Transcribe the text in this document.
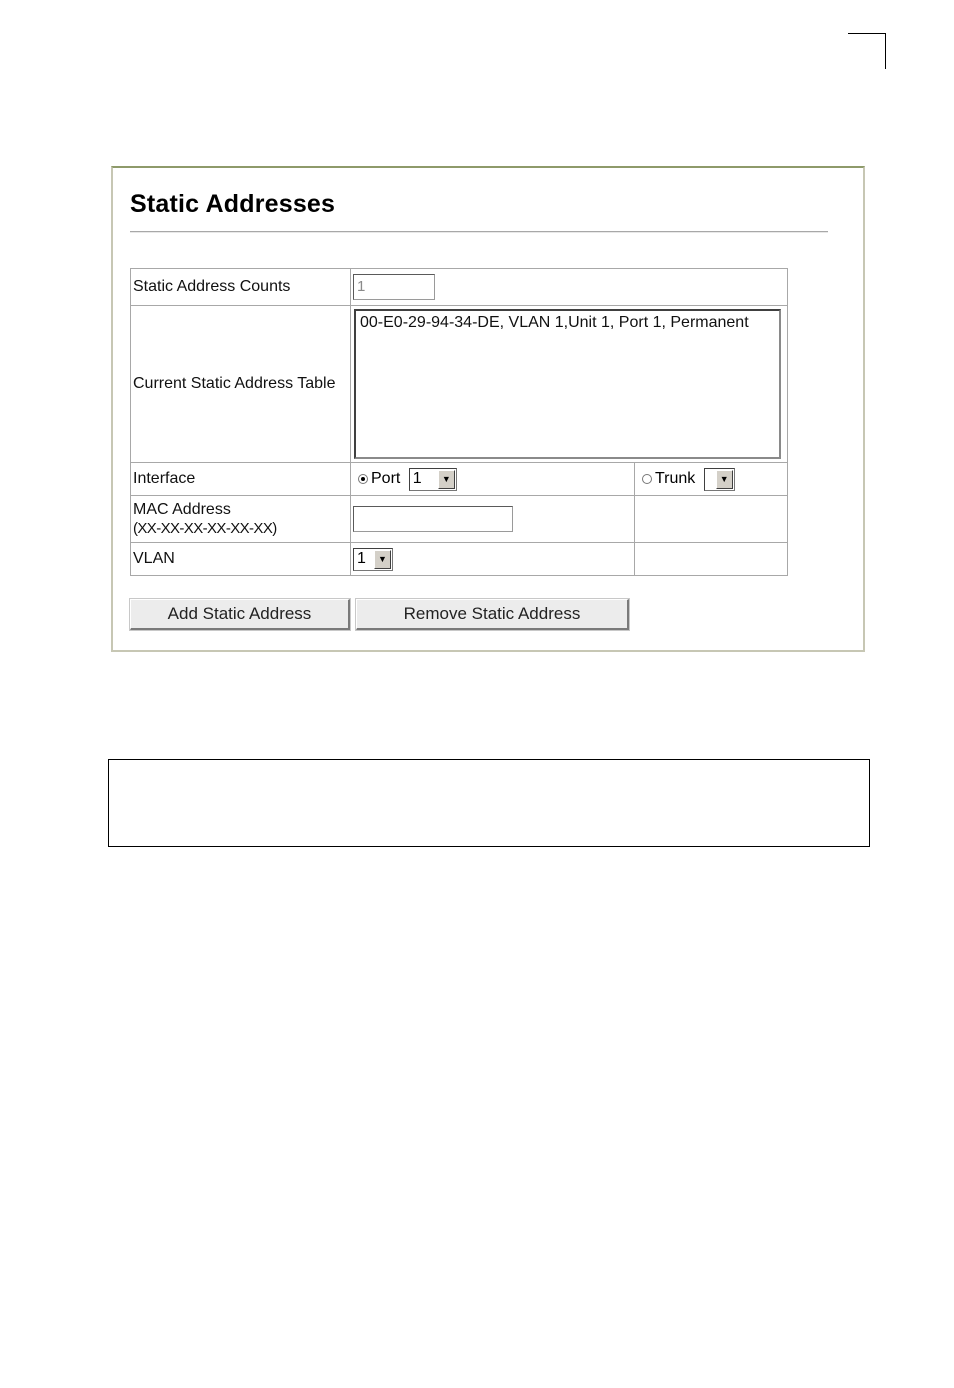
Static Addresses
Static Address Counts	1	
Current Static Address Table	00-E0-29-94-34-DE, VLAN 1,Unit 1, Port 1, Permanent	

Interface	Port 1 ▼	Trunk ▼

MAC Address
(XX-XX-XX-XX-XX-XX)		

VLAN	1 ▼	

Add Static Address	Remove Static Address
